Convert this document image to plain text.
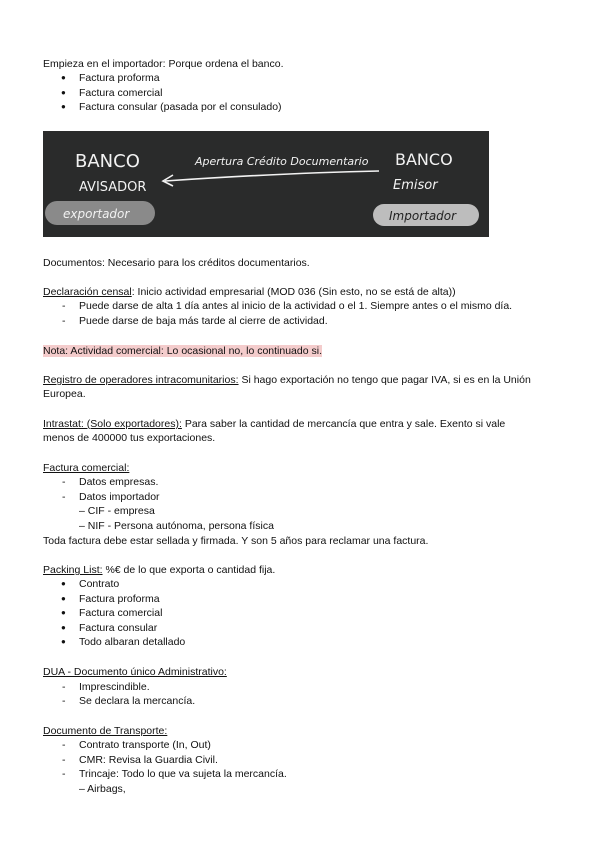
Empieza en el importador: Porque ordena el banco.
● Factura proforma
● Factura comercial
● Factura consular (pasada por el consulado)
BANCO
AVISADOR
Apertura Crédito Documentario BANCO
Emisor
exportador	Importador
Documentos: Necesario para los créditos documentarios.
Declaración censal: Inicio actividad empresarial (MOD 036 (Sin esto, no se está de alta))
- Puede darse de alta 1 día antes al inicio de la actividad o el 1. Siempre antes o el mismo día.
- Puede darse de baja más tarde al cierre de actividad.
Nota: Actividad comercial: Lo ocasional no, lo continuado si.
Registro de operadores intracomunitarios: Si hago exportación no tengo que pagar IVA, si es en la Unión
Europea.
Intrastat: (Solo exportadores): Para saber la cantidad de mercancía que entra y sale. Exento si vale
menos de 400000 tus exportaciones.
Factura comercial:
- Datos empresas.
- Datos importador
– CIF - empresa
– NIF - Persona autónoma, persona física
Toda factura debe estar sellada y firmada. Y son 5 años para reclamar una factura.
Packing List: %€ de lo que exporta o cantidad fija.
● Contrato
● Factura proforma
● Factura comercial
● Factura consular
● Todo albaran detallado
DUA - Documento único Administrativo:
- Imprescindible.
- Se declara la mercancía.
Documento de Transporte:
- Contrato transporte (In, Out)
- CMR: Revisa la Guardia Civil.
- Trincaje: Todo lo que va sujeta la mercancía.
– Airbags,
